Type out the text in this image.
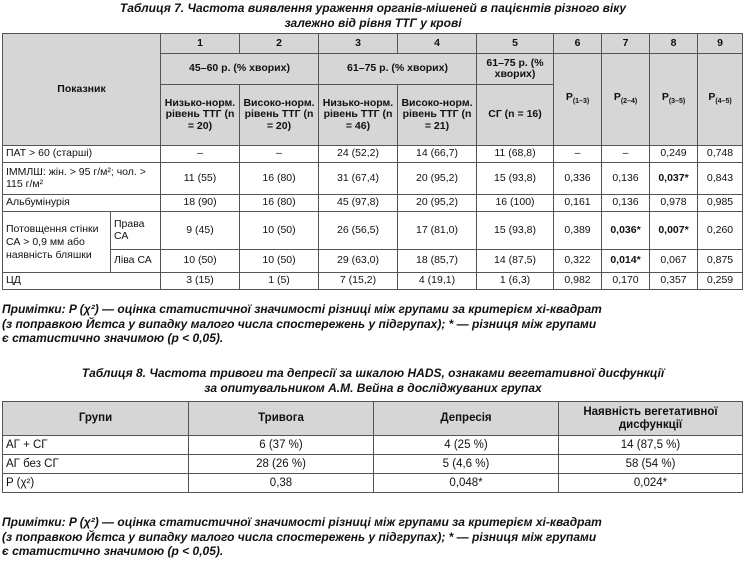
Таблиця 7. Частота виявлення ураження органів-мішеней в пацієнтів різного віку
залежно від рівня ТТГ у крові
Показник		1	2	3	4	5	6	7	8	9
		45–60 р. (% хворих)		61–75 р. (% хворих)		61–75 р. (% хворих)	$P_{(1-3)}$	$P_{(2-4)}$	$P_{(3-5)}$	$P_{(4-5)}$
		Низько-норм. рівень ТТГ (n = 20)	Високо-норм. рівень ТТГ (n = 20)	Низько-норм. рівень ТТГ (n = 46)	Високо-норм. рівень ТТГ (n = 21)	СГ (n = 16)				
ПАТ > 60 (старші)		–	–	24 (52,2)	14 (66,7)	11 (68,8)	–	–	0,249	0,748
ІММЛШ: жін. > 95 г/м²; чол. > 115 г/м²		11 (55)	16 (80)	31 (67,4)	20 (95,2)	15 (93,8)	0,336	0,136	0,037*	0,843
Альбумінурія		18 (90)	16 (80)	45 (97,8)	20 (95,2)	16 (100)	0,161	0,136	0,978	0,985
Потовщення стінки СА > 0,9 мм або наявність бляшки	Права СА	9 (45)	10 (50)	26 (56,5)	17 (81,0)	15 (93,8)	0,389	0,036*	0,007*	0,260
	Ліва СА	10 (50)	10 (50)	29 (63,0)	18 (85,7)	14 (87,5)	0,322	0,014*	0,067	0,875
ЦД		3 (15)	1 (5)	7 (15,2)	4 (19,1)	1 (6,3)	0,982	0,170	0,357	0,259
Примітки: P (χ²) — оцінка статистичної значимості різниці між групами за критерієм хі-квадрат
(з поправкою Йєтса у випадку малого числа спостережень у підгрупах); * — різниця між групами
є статистично значимою (p < 0,05).
Таблиця 8. Частота тривоги та депресії за шкалою HADS, ознаками вегетативної дисфункції
за опитувальником А.М. Вейна в досліджуваних групах
Групи	Тривога	Депресія	Наявність вегетативної дисфункції
АГ + СГ	6 (37 %)	4 (25 %)	14 (87,5 %)
АГ без СГ	28 (26 %)	5 (4,6 %)	58 (54 %)
P (χ²)	0,38	0,048*	0,024*
Примітки: P (χ²) — оцінка статистичної значимості різниці між групами за критерієм хі-квадрат
(з поправкою Йєтса у випадку малого числа спостережень у підгрупах); * — різниця між групами
є статистично значимою (p < 0,05).
